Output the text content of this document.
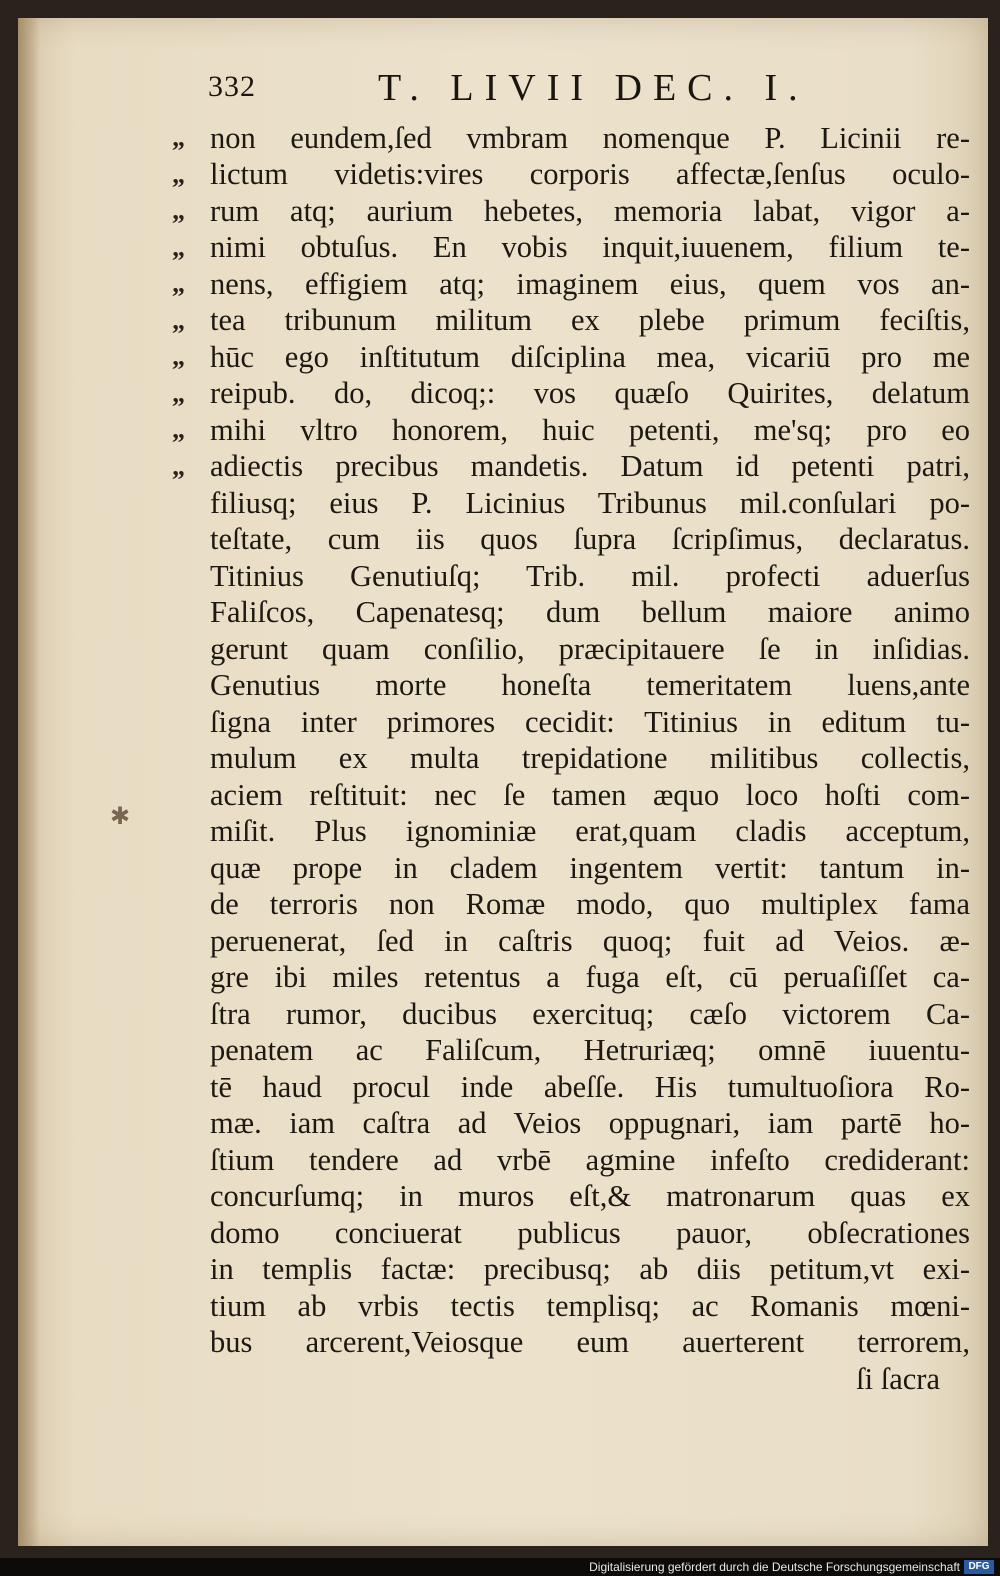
332	T. LIVII DEC. I.
„ non eundem,ſed vmbram nomenque P. Licinii re-
„ lictum videtis:vires corporis affectæ,ſenſus oculo-
„ rum atq; aurium hebetes, memoria labat, vigor a-
„ nimi obtuſus. En vobis inquit,iuuenem, filium te-
„ nens, effigiem atq; imaginem eius, quem vos an-
„ tea tribunum militum ex plebe primum feciſtis,
„ hūc ego inſtitutum diſciplina mea, vicariū pro me
„ reipub. do, dicoq;: vos quæſo Quirites, delatum
„ mihi vltro honorem, huic petenti, me'sq; pro eo
„ adiectis precibus mandetis. Datum id petenti patri,
filiusq; eius P. Licinius Tribunus mil.conſulari po-
teſtate, cum iis quos ſupra ſcripſimus, declaratus.
Titinius Genutiuſq; Trib. mil. profecti aduerſus
Faliſcos, Capenatesq; dum bellum maiore animo
gerunt quam conſilio, præcipitauere ſe in inſidias.
Genutius morte honeſta temeritatem luens,ante
ſigna inter primores cecidit: Titinius in editum tu-
mulum ex multa trepidatione militibus collectis,
aciem reſtituit: nec ſe tamen æquo loco hoſti com-
miſit. Plus ignominiæ erat,quam cladis acceptum,
quæ prope in cladem ingentem vertit: tantum in-
de terroris non Romæ modo, quo multiplex fama
peruenerat, ſed in caſtris quoq; fuit ad Veios. æ-
gre ibi miles retentus a fuga eſt, cū peruaſiſſet ca-
ſtra rumor, ducibus exercituq; cæſo victorem Ca-
penatem ac Faliſcum, Hetruriæq; omnē iuuentu-
tē haud procul inde abeſſe. His tumultuoſiora Ro-
mæ. iam caſtra ad Veios oppugnari, iam partē ho-
ſtium tendere ad vrbē agmine infeſto crediderant:
concurſumq; in muros eſt,& matronarum quas ex
domo conciuerat publicus pauor, obſecrationes
in templis factæ: precibusq; ab diis petitum,vt exi-
tium ab vrbis tectis templisq; ac Romanis mœni-
bus arcerent,Veiosque eum auerterent terrorem,
ſi ſacra
✱
Digitalisierung gefördert durch die Deutsche Forschungsgemeinschaft DFG
